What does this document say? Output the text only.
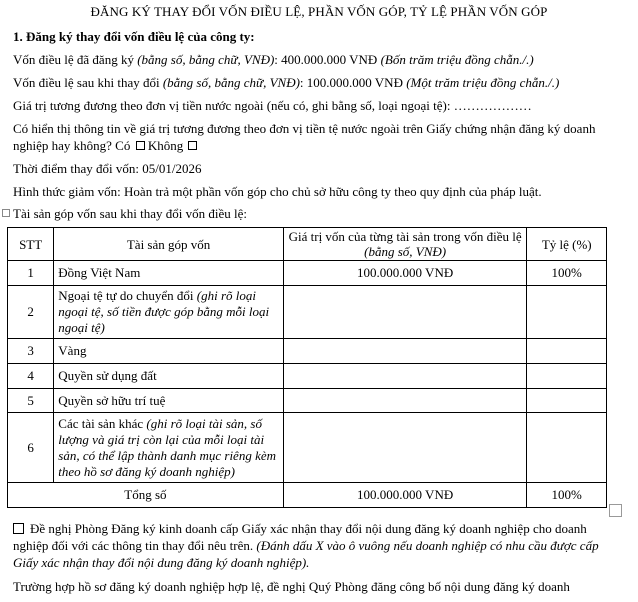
ĐĂNG KÝ THAY ĐỔI VỐN ĐIỀU LỆ, PHẦN VỐN GÓP, TỶ LỆ PHẦN VỐN GÓP
1. Đăng ký thay đổi vốn điều lệ của công ty:
Vốn điều lệ đã đăng ký (bằng số, bằng chữ, VNĐ): 400.000.000 VNĐ (Bốn trăm triệu đồng chẵn./.)
Vốn điều lệ sau khi thay đổi (bằng số, bằng chữ, VNĐ): 100.000.000 VNĐ (Một trăm triệu đồng chẵn./.)
Giá trị tương đương theo đơn vị tiền nước ngoài (nếu có, ghi bằng số, loại ngoại tệ): ………………
Có hiển thị thông tin về giá trị tương đương theo đơn vị tiền tệ nước ngoài trên Giấy chứng nhận đăng ký doanh nghiệp hay không? Có Không
Thời điểm thay đổi vốn: 05/01/2026
Hình thức giảm vốn: Hoàn trả một phần vốn góp cho chủ sở hữu công ty theo quy định của pháp luật.
Tài sản góp vốn sau khi thay đổi vốn điều lệ:
STT	Tài sản góp vốn	Giá trị vốn của từng tài sản trong vốn điều lệ
(bằng số, VNĐ)	Tỷ lệ (%)
1	Đồng Việt Nam	100.000.000 VNĐ	100%
2	Ngoại tệ tự do chuyển đổi (ghi rõ loại ngoại tệ, số tiền được góp bằng mỗi loại ngoại tệ)		
3	Vàng		
4	Quyền sử dụng đất		
5	Quyền sở hữu trí tuệ		
6	Các tài sản khác (ghi rõ loại tài sản, số lượng và giá trị còn lại của mỗi loại tài sản, có thể lập thành danh mục riêng kèm theo hồ sơ đăng ký doanh nghiệp)		
Tổng số		100.000.000 VNĐ	100%
Đề nghị Phòng Đăng ký kinh doanh cấp Giấy xác nhận thay đổi nội dung đăng ký doanh nghiệp cho doanh nghiệp đối với các thông tin thay đổi nêu trên. (Đánh dấu X vào ô vuông nếu doanh nghiệp có nhu cầu được cấp Giấy xác nhận thay đổi nội dung đăng ký doanh nghiệp).
Trường hợp hồ sơ đăng ký doanh nghiệp hợp lệ, đề nghị Quý Phòng đăng công bố nội dung đăng ký doanh
